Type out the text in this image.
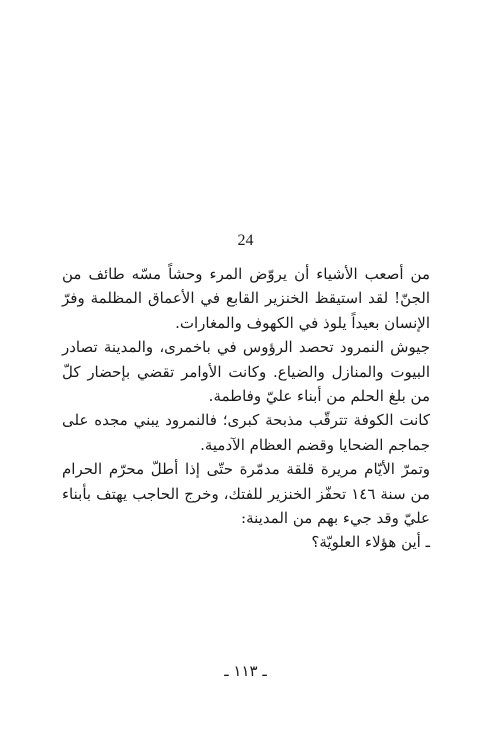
24

من أصعب الأشياء أن يروّض المرء وحشاً مسّه طائف من الجنّ! لقد استيقظ الخنزير القابع في الأعماق المظلمة وفرّ الإنسان بعيداً يلوذ في الكهوف والمغارات.

جيوش النمرود تحصد الرؤوس في باخمرى، والمدينة تصادر البيوت والمنازل والضياع. وكانت الأوامر تقضي بإحضار كلّ من بلغ الحلم من أبناء عليّ وفاطمة.

كانت الكوفة تترقّب مذبحة كبرى؛ فالنمرود يبني مجده على جماجم الضحايا وقضم العظام الآدمية.

وتمرّ الأيّام مريرة قلقة مدمّرة حتّى إذا أطلّ محرّم الحرام من سنة ١٤٦ تحفّز الخنزير للفتك، وخرج الحاجب يهتف بأبناء عليّ وقد جيء بهم من المدينة:

ـ أين هؤلاء العلويّة؟

ـ ١١٣ ـ
